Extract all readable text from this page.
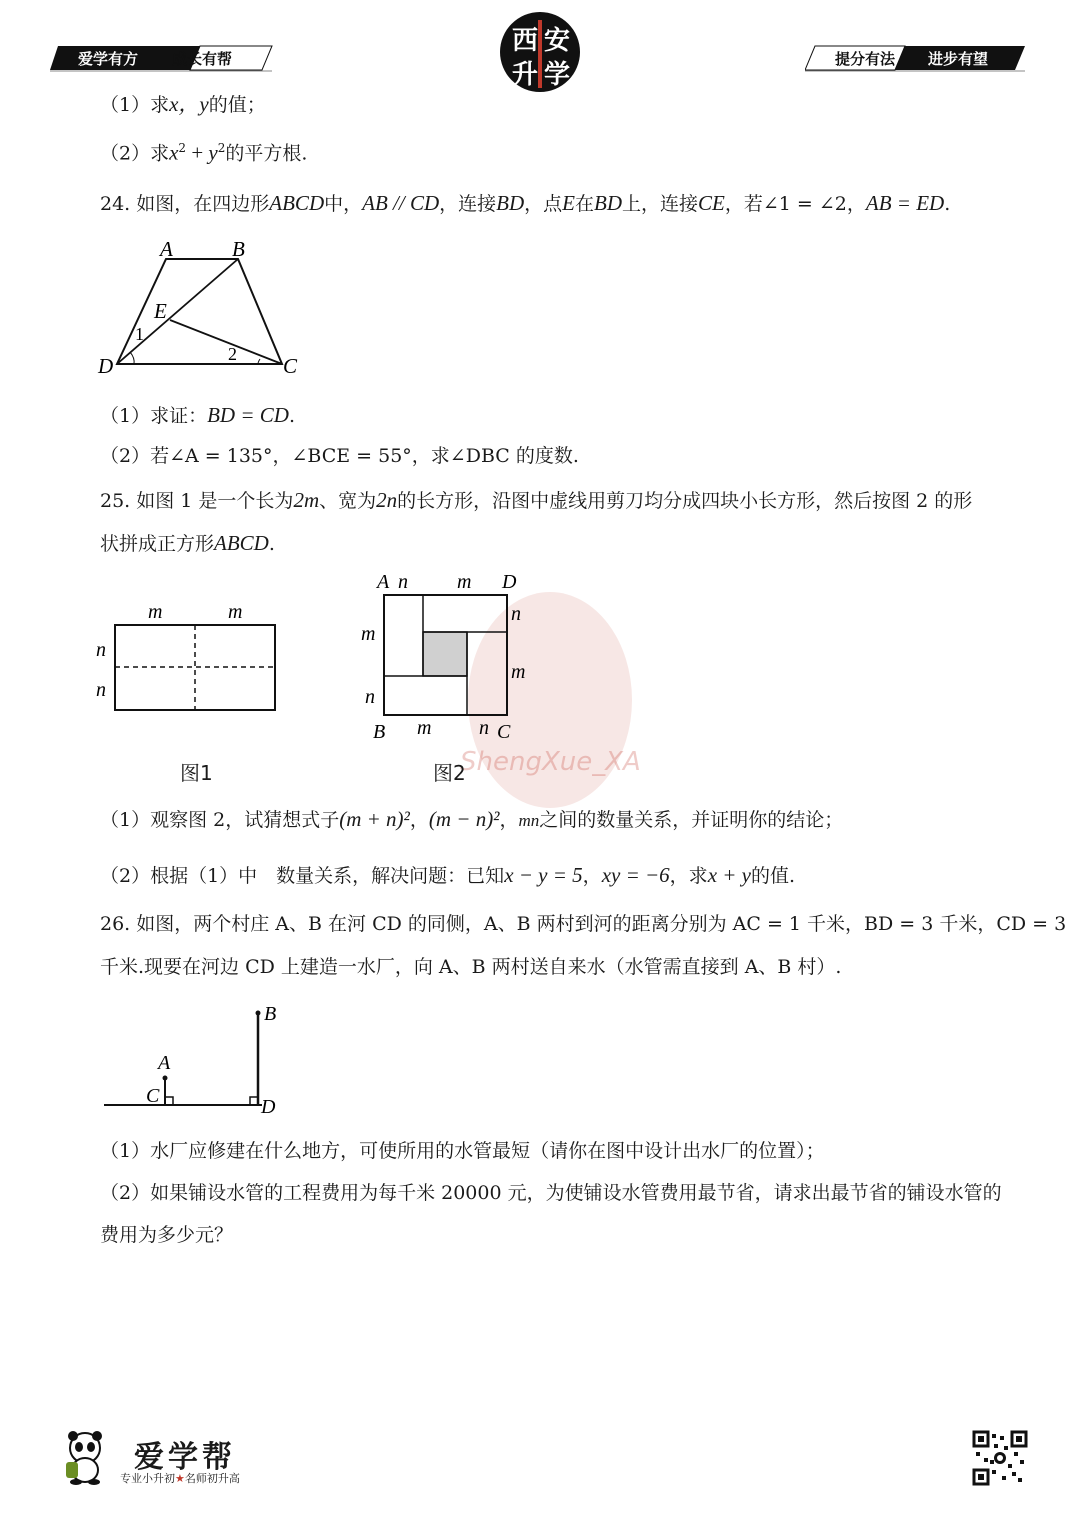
爱学有方 成长有帮	提分有法 进步有望
西 安
升 学
（1）求x，y的值；
（2）求$x^2 + y^2$的平方根.
24. 如图，在四边形ABCD中，AB // CD，连接BD，点E在BD上，连接CE，若∠1 = ∠2，AB = ED.
A	B
C
D
E
1
2
（1）求证：BD = CD.
（2）若∠A = 135°，∠BCE = 55°，求∠DBC 的度数.
25. 如图 1 是一个长为2m、宽为2n的长方形，沿图中虚线用剪刀均分成四块小长方形，然后按图 2 的形
状拼成正方形ABCD.
ShengXue_XA
m	m
n
n
图1
A n m D
m
n
n
m
B m n C
图2
（1）观察图 2，试猜想式子(m + n)²，(m − n)²，mn之间的数量关系，并证明你的结论；
（2）根据（1）中　数量关系，解决问题：已知x − y = 5，xy = −6，求x + y的值.
26. 如图，两个村庄 A、B 在河 CD 的同侧，A、B 两村到河的距离分别为 AC = 1 千米，BD = 3 千米，CD = 3
千米.现要在河边 CD 上建造一水厂，向 A、B 两村送自来水（水管需直接到 A、B 村）.
A
B
C	D
（1）水厂应修建在什么地方，可使所用的水管最短（请你在图中设计出水厂的位置）；
（2）如果铺设水管的工程费用为每千米 20000 元，为使铺设水管费用最节省，请求出最节省的铺设水管的
费用为多少元？
爱学帮
专业小升初★名师初升高
